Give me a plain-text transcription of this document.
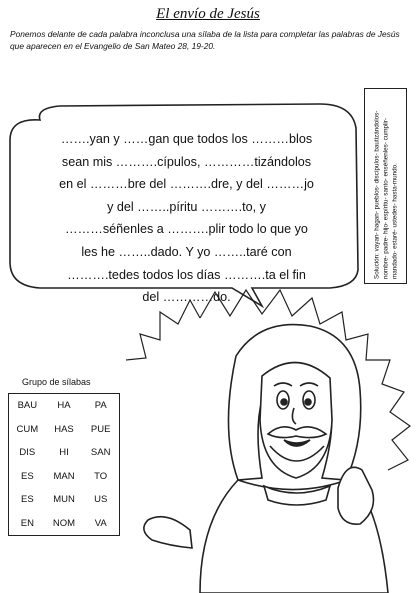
El envío de Jesús
Ponemos delante de cada palabra inconclusa una sílaba de la lista para completar las palabras de Jesús que aparecen en el Evangelio de San Mateo 28, 19-20.
…….yan y ……gan que todos los ………blos
sean mis ……….cípulos, …………tizándolos
en el ………bre del ……….dre, y del ………jo
y del ……..píritu ……….to, y
………séñenles a ……….plir todo lo que yo
les he ……..dado. Y yo ……..taré con
……….tedes todos los días ……….ta el fin
del …………do.
Solución: vayan- hagan- pueblos- discípulos- bautizándolos- nombre- padre- hijo- espíritu- santo- enséñenles- cumplir- mandado- estaré- ustedes- hasta-mundo.
Grupo de sílabas
BAU	HA	PA
CUM	HAS	PUE
DIS	HI	SAN
ES	MAN	TO
ES	MUN	US
EN	NOM	VA
